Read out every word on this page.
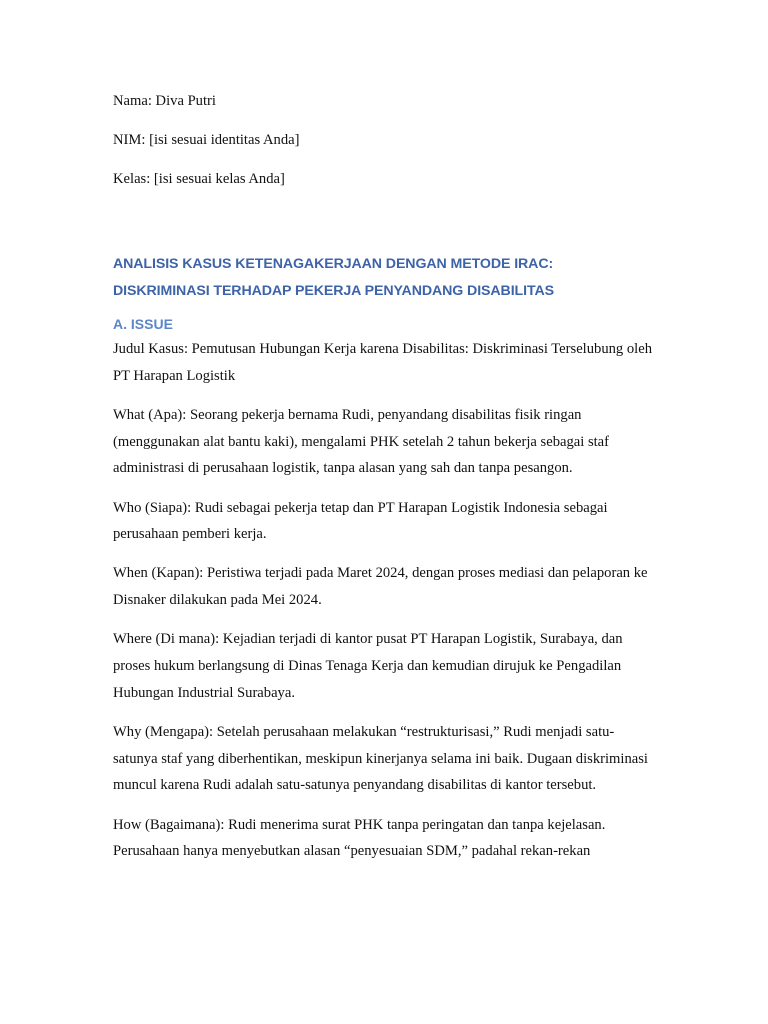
Nama: Diva Putri

NIM: [isi sesuai identitas Anda]

Kelas: [isi sesuai kelas Anda]

ANALISIS KASUS KETENAGAKERJAAN DENGAN METODE IRAC:
DISKRIMINASI TERHADAP PEKERJA PENYANDANG DISABILITAS
A. ISSUE

Judul Kasus: Pemutusan Hubungan Kerja karena Disabilitas: Diskriminasi Terselubung oleh PT Harapan Logistik

What (Apa): Seorang pekerja bernama Rudi, penyandang disabilitas fisik ringan (menggunakan alat bantu kaki), mengalami PHK setelah 2 tahun bekerja sebagai staf administrasi di perusahaan logistik, tanpa alasan yang sah dan tanpa pesangon.

Who (Siapa): Rudi sebagai pekerja tetap dan PT Harapan Logistik Indonesia sebagai perusahaan pemberi kerja.

When (Kapan): Peristiwa terjadi pada Maret 2024, dengan proses mediasi dan pelaporan ke Disnaker dilakukan pada Mei 2024.

Where (Di mana): Kejadian terjadi di kantor pusat PT Harapan Logistik, Surabaya, dan proses hukum berlangsung di Dinas Tenaga Kerja dan kemudian dirujuk ke Pengadilan Hubungan Industrial Surabaya.

Why (Mengapa): Setelah perusahaan melakukan “restrukturisasi,” Rudi menjadi satu-satunya staf yang diberhentikan, meskipun kinerjanya selama ini baik. Dugaan diskriminasi muncul karena Rudi adalah satu-satunya penyandang disabilitas di kantor tersebut.

How (Bagaimana): Rudi menerima surat PHK tanpa peringatan dan tanpa kejelasan. Perusahaan hanya menyebutkan alasan “penyesuaian SDM,” padahal rekan-rekan
